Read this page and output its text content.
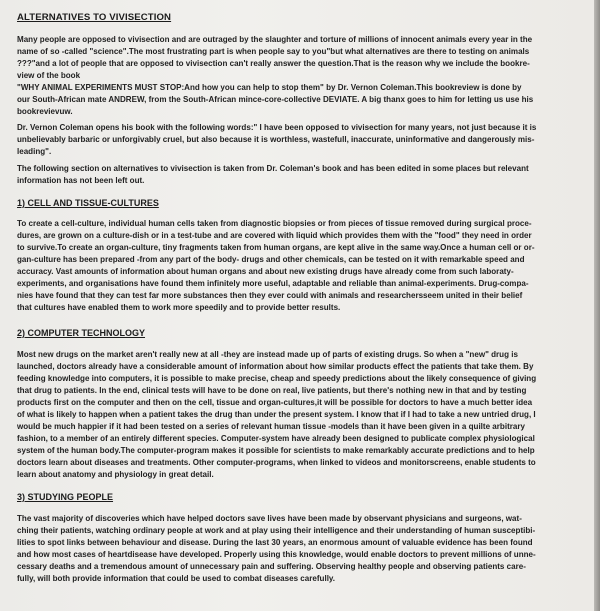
ALTERNATIVES TO VIVISECTION
Many people are opposed to vivisection and are outraged by the slaughter and torture of millions of innocent animals every year in the
name of so -called "science".The most frustrating part is when people say to you"but what alternatives are there to testing on animals
???"and a lot of people that are opposed to vivisection can't really answer the question.That is the reason why we include the bookre-
view of the book
"WHY ANIMAL EXPERIMENTS MUST STOP:And how you can help to stop them" by Dr. Vernon Coleman.This bookreview is done by
our South-African mate ANDREW, from the South-African mince-core-collective DEVIATE. A big thanx goes to him for letting us use his
bookrevievuw.
Dr. Vernon Coleman opens his book with the following words:" I have been opposed to vivisection for many years, not just because it is
unbelievably barbaric or unforgivably cruel, but also because it is worthless, wastefull, inaccurate, uninformative and dangerously mis-
leading".
The following section on alternatives to vivisection is taken from Dr. Coleman's book and has been edited in some places but relevant
information has not been left out.
1) CELL AND TISSUE-CULTURES
To create a cell-culture, individual human cells taken from diagnostic biopsies or from pieces of tissue removed during surgical proce-
dures, are grown on a culture-dish or in a test-tube and are covered with liquid which provides them with the "food" they need in order
to survive.To create an organ-culture, tiny fragments taken from human organs, are kept alive in the same way.Once a human cell or or-
gan-culture has been prepared -from any part of the body- drugs and other chemicals, can be tested on it with remarkable speed and
accuracy. Vast amounts of information about human organs and about new existing drugs have already come from such laboraty-
experiments, and organisations have found them infinitely more useful, adaptable and reliable than animal-experiments. Drug-compa-
nies have found that they can test far more substances then they ever could with animals and researchersseem united in their belief
that cultures have enabled them to work more speedily and to provide better results.
2) COMPUTER TECHNOLOGY
Most new drugs on the market aren't really new at all -they are instead made up of parts of existing drugs. So when a "new" drug is
launched, doctors already have a considerable amount of information about how similar products effect the patients that take them. By
feeding knowledge into computers, it is possible to make precise, cheap and speedy predictions about the likely consequence of giving
that drug to patients. In the end, clinical tests will have to be done on real, live patients, but there's nothing new in that and by testing
products first on the computer and then on the cell, tissue and organ-cultures,it will be possible for doctors to have a much better idea
of what is likely to happen when a patient takes the drug than under the present system. I know that if I had to take a new untried drug, I
would be much happier if it had been tested on a series of relevant human tissue -models than it have been given in a quilte arbitrary
fashion, to a member of an entirely different species. Computer-system have already been designed to publicate complex physiological
system of the human body.The computer-program makes it possible for scientists to make remarkably accurate predictions and to help
doctors learn about diseases and treatments. Other computer-programs, when linked to videos and monitorscreens, enable students to
learn about anatomy and physiology in great detail.
3) STUDYING PEOPLE
The vast majority of discoveries which have helped doctors save lives have been made by observant physicians and surgeons, wat-
ching their patients, watching ordinary people at work and at play using their intelligence and their understanding of human susceptibi-
lities to spot links between behaviour and disease. During the last 30 years, an enormous amount of valuable evidence has been found
and how most cases of heartdisease have developed. Properly using this knowledge, would enable doctors to prevent millions of unne-
cessary deaths and a tremendous amount of unnecessary pain and suffering. Observing healthy people and observing patients care-
fully, will both provide information that could be used to combat diseases carefully.
